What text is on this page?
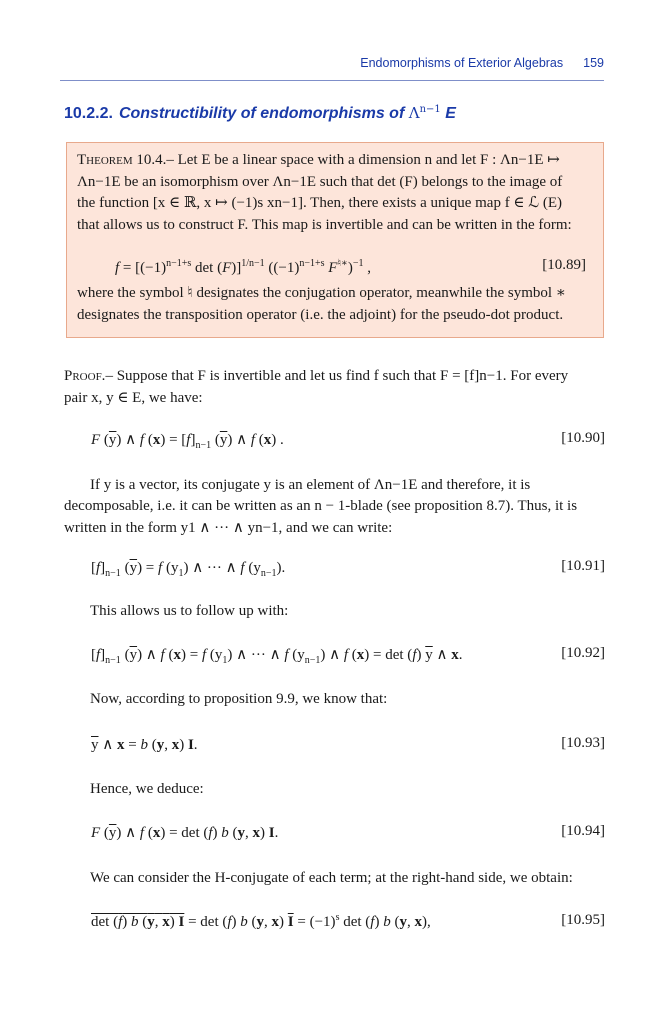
Endomorphisms of Exterior Algebras 159
10.2.2. Constructibility of endomorphisms of $\Lambda^{n-1}$ E
Theorem 10.4.– Let E be a linear space with a dimension n and let F : Λn−1E ↦
Λn−1E be an isomorphism over Λn−1E such that det (F) belongs to the image of
the function [x ∈ ℝ, x ↦ (−1)s xn−1]. Then, there exists a unique map f ∈ ℒ (E)
that allows us to construct F. This map is invertible and can be written in the form:
$f = [(-1)^{n-1+s}$ det (F)]$^{1/n-1}$ ($(-1)^{n-1+s}$ F♮∗)$^{-1}$ ,	[10.89]
where the symbol ♮ designates the conjugation operator, meanwhile the symbol ∗
designates the transposition operator (i.e. the adjoint) for the pseudo-dot product.
Proof.– Suppose that F is invertible and let us find f such that F = [f]n−1. For every
pair x, y ∈ E, we have:
F $(\overline{y})$ ∧ f $(x) = [f]_{n-1}$ $(\overline{y})$ ∧ f (x) .	[10.90]
If y is a vector, its conjugate y is an element of Λn−1E and therefore, it is
decomposable, i.e. it can be written as an n − 1-blade (see proposition 8.7). Thus, it is
written in the form y1 ∧ ··· ∧ yn−1, and we can write:
$[f]_{n-1}$ $(\overline{y}) = f$ $(y_1)$ ∧ ··· ∧ f $(y_{n-1})$.	[10.91]
This allows us to follow up with:
$[f]_{n-1}$ $(\overline{y})$ ∧ f (x) = f $(y_1)$ ∧ ··· ∧ f $(y_{n-1})$ ∧ f (x) = det (f) $\overline{y}$ ∧ x.	[10.92]
Now, according to proposition 9.9, we know that:
$\overline{y}$ ∧ x = b (y, x) I.	[10.93]
Hence, we deduce:
F $(\overline{y})$ ∧ f (x) = det (f) b (y, x) I.	[10.94]
We can consider the H-conjugate of each term; at the right-hand side, we obtain:
det (f) b (y, x) I = det (f) b (y, x) $\overline{I} = (-1)^s$ det (f) b (y, x),	[10.95]
